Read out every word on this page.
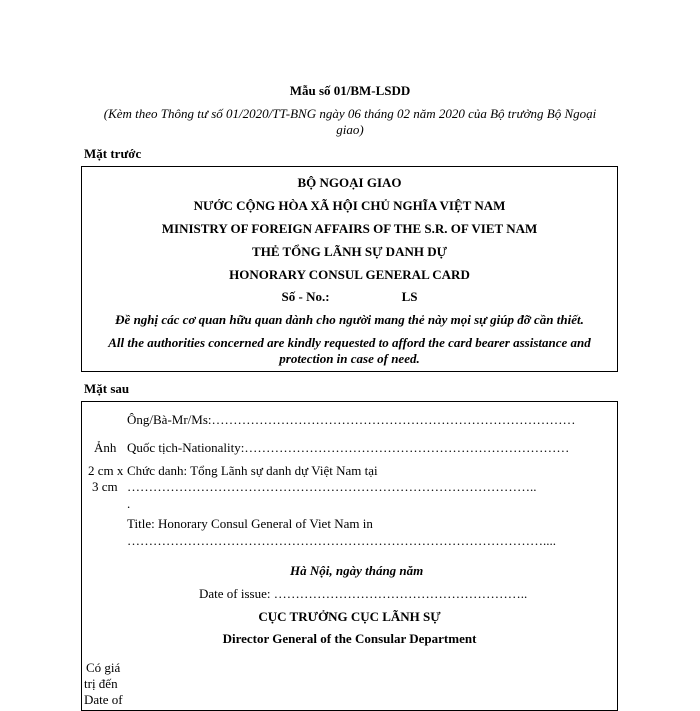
Mẫu số 01/BM-LSDD
(Kèm theo Thông tư số 01/2020/TT-BNG ngày 06 tháng 02 năm 2020 của Bộ trưởng Bộ Ngoại
giao)
Mặt trước
BỘ NGOẠI GIAO
NƯỚC CỘNG HÒA XÃ HỘI CHỦ NGHĨA VIỆT NAM
MINISTRY OF FOREIGN AFFAIRS OF THE S.R. OF VIET NAM
THẺ TỔNG LÃNH SỰ DANH DỰ
HONORARY CONSUL GENERAL CARD
Số - No.:	LS
Đề nghị các cơ quan hữu quan dành cho người mang thẻ này mọi sự giúp đỡ cần thiết.
All the authorities concerned are kindly requested to afford the card bearer assistance and
protection in case of need.
Mặt sau
Ông/Bà-Mr/Ms:…………………………………………………………………………
Ảnh Quốc tịch-Nationality:…………………………………………………………………
2 cm x Chức danh: Tổng Lãnh sự danh dự Việt Nam tại
3 cm …………………………………………………………………………………..
.
Title: Honorary Consul General of Viet Nam in
……………………………………………………………………………………....
Hà Nội, ngày tháng năm
Date of issue: …………………………………………………..
CỤC TRƯỞNG CỤC LÃNH SỰ
Director General of the Consular Department
Có giá
trị đến
Date of
